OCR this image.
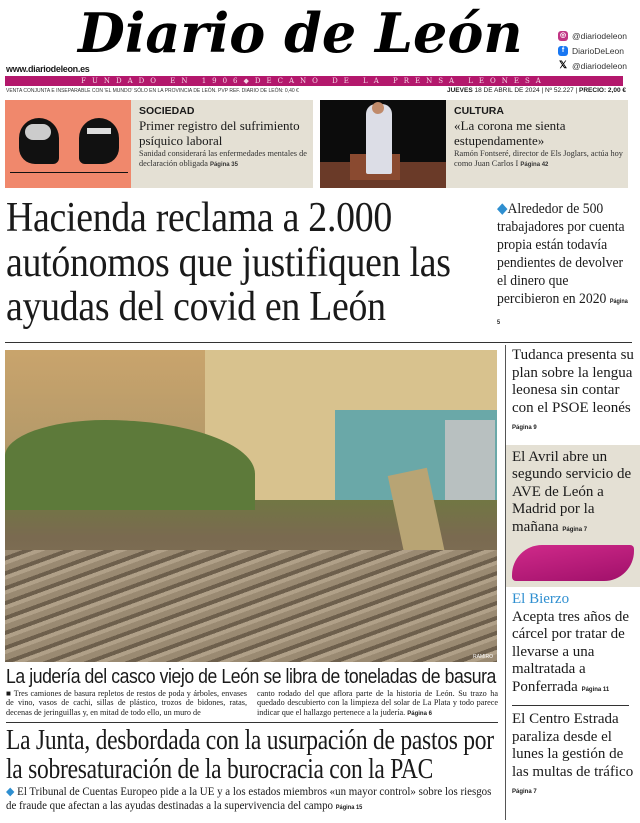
Diario de León	◎ @diariodeleon
f DiarioDeLeon
𝕏 @diariodeleon
www.diariodeleon.es
FUNDADO EN 1906◆DECANO DE LA PRENSA LEONESA
VENTA CONJUNTA E INSEPARABLE CON 'EL MUNDO' SÓLO EN LA PROVINCIA DE LEÓN. PVP REF. DIARIO DE LEÓN: 0,40 €	JUEVES 18 DE ABRIL DE 2024 | Nº 52.227 | PRECIO: 2,00 €
SOCIEDAD
Primer registro del sufrimiento psíquico laboral
Sanidad considerará las enfermedades mentales de declaración obligada Página 35
CULTURA
«La corona me sienta estupendamente»
Ramón Fontseré, director de Els Joglars, actúa hoy como Juan Carlos I Página 42
Hacienda reclama a 2.000 autónomos que justifiquen las ayudas del covid en León
◆Alrededor de 500 trabajadores por cuenta propia están todavía pendientes de devolver el dinero que percibieron en 2020 Página 5
RAMIRO
La judería del casco viejo de León se libra de toneladas de basura
■ Tres camiones de basura repletos de restos de poda y árboles, envases de vino, vasos de cachi, sillas de plástico, trozos de bidones, ratas, decenas de jeringuillas y, en mitad de todo ello, un muro de
canto rodado del que aflora parte de la historia de León. Su trazo ha quedado descubierto con la limpieza del solar de La Plata y todo parece indicar que el hallazgo pertenece a la judería. Página 6
La Junta, desbordada con la usurpación de pastos por la sobresaturación de la burocracia con la PAC
◆ El Tribunal de Cuentas Europeo pide a la UE y a los estados miembros «un mayor control» sobre los riesgos de fraude que afectan a las ayudas destinadas a la supervivencia del campo Página 15
Tudanca presenta su plan sobre la lengua leonesa sin contar con el PSOE leonés Página 9
El Avril abre un segundo servicio de AVE de León a Madrid por la mañana Página 7
El Bierzo
Acepta tres años de cárcel por tratar de llevarse a una maltratada a Ponferrada Página 11
El Centro Estrada paraliza desde el lunes la gestión de las multas de tráfico Página 7
